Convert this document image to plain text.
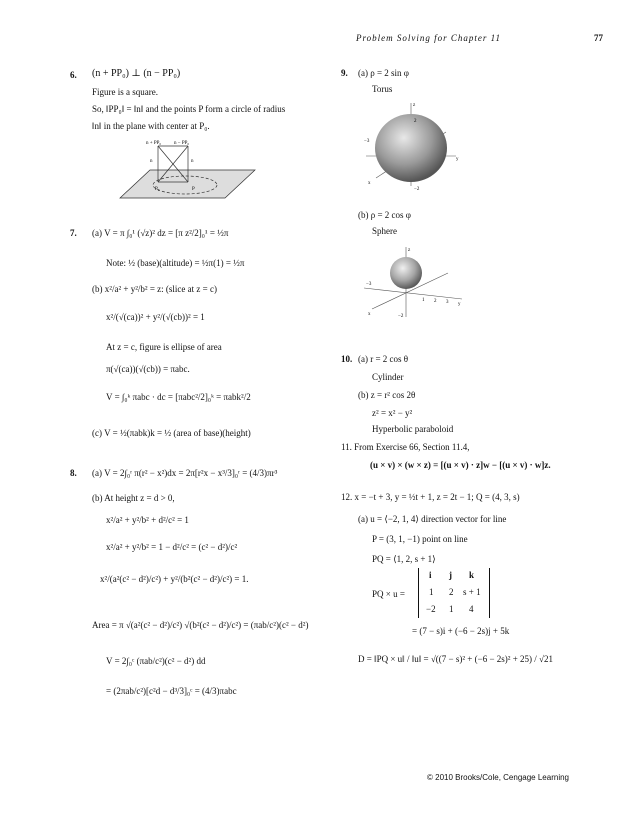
Problem Solving for Chapter 11	77
6. (n + PP₀) ⊥ (n − PP₀)
Figure is a square.
So, ‖PP₀‖ = ‖n‖ and the points P form a circle of radius
‖n‖ in the plane with center at P₀.
n + PP₀	n − PP₀
n	n
P₀	P
7. (a) V = π ∫₀¹ (√z)² dz = [π z²/2]₀¹ = ½π
Note: ½ (base)(altitude) = ½π(1) = ½π
(b) x²/a² + y²/b² = z: (slice at z = c)
x²/(√(ca))² + y²/(√(cb))² = 1
At z = c, figure is ellipse of area
π(√(ca))(√(cb)) = πabc.
V = ∫₀ᵏ πabc · dc = [πabc²/2]₀ᵏ = πabk²/2
(c) V = ½(πabk)k = ½ (area of base)(height)
8. (a) V = 2∫₀ʳ π(r² − x²)dx = 2π[r²x − x³/3]₀ʳ = (4/3)πr³
(b) At height z = d > 0,
x²/a² + y²/b² + d²/c² = 1
x²/a² + y²/b² = 1 − d²/c² = (c² − d²)/c²
x²/(a²(c² − d²)/c²) + y²/(b²(c² − d²)/c²) = 1.
Area = π √(a²(c² − d²)/c²) √(b²(c² − d²)/c²) = (πab/c²)(c² − d²)
V = 2∫₀ᶜ (πab/c²)(c² − d²) dd
= (2πab/c²)[c²d − d³/3]₀ᶜ = (4/3)πabc
9. (a) ρ = 2 sin φ
Torus
z
x
y
2
−2
−3
(b) ρ = 2 cos φ
Sphere
z
x
y
1 2 3
−3
−2
10. (a) r = 2 cos θ
Cylinder
(b) z = r² cos 2θ
z² = x² − y²
Hyperbolic paraboloid
11. From Exercise 66, Section 11.4,
(u × v) × (w × z) = [(u × v) · z]w − [(u × v) · w]z.
12. x = −t + 3, y = ½t + 1, z = 2t − 1; Q = (4, 3, s)
(a) u = ⟨−2, 1, 4⟩ direction vector for line
P = (3, 1, −1) point on line
PQ = ⟨1, 2, s + 1⟩
PQ × u =
i j k
1 2 s + 1
−2 1 4
= (7 − s)i + (−6 − 2s)j + 5k
D = ‖PQ × u‖ / ‖u‖ = √((7 − s)² + (−6 − 2s)² + 25) / √21
© 2010 Brooks/Cole, Cengage Learning
